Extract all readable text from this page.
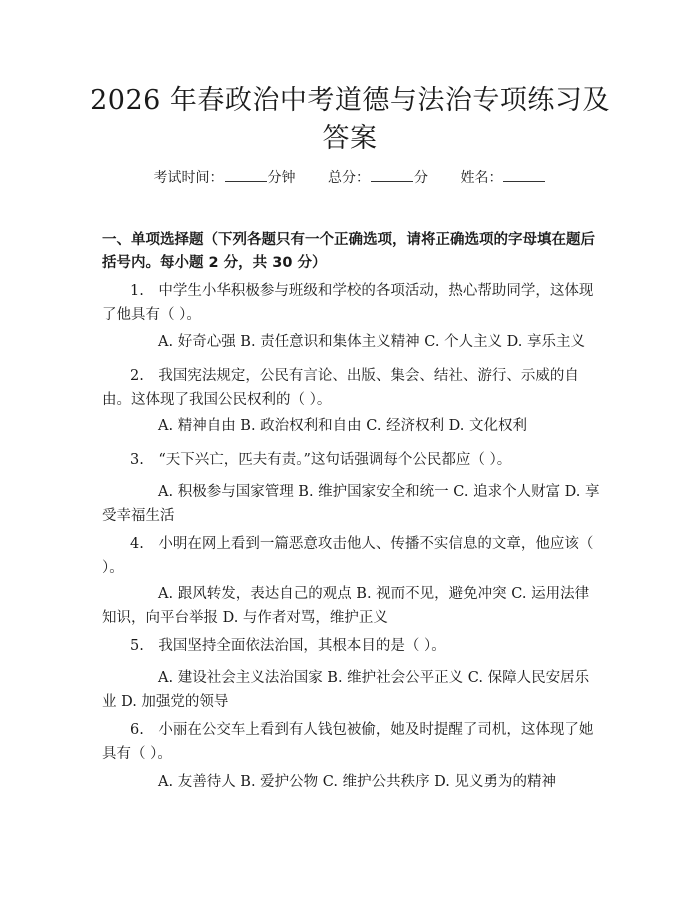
2026 年春政治中考道德与法治专项练习及答案
考试时间：	分钟 总分：	分 姓名：

一、单项选择题（下列各题只有一个正确选项，请将正确选项的字母填在题后括号内。每小题 2 分，共 30 分）

1.　中学生小华积极参与班级和学校的各项活动，热心帮助同学，这体现了他具有（ ）。

A. 好奇心强 B. 责任意识和集体主义精神 C. 个人主义 D. 享乐主义

2.　我国宪法规定，公民有言论、出版、集会、结社、游行、示威的自由。这体现了我国公民权利的（ ）。

A. 精神自由 B. 政治权利和自由 C. 经济权利 D. 文化权利

3.　“天下兴亡，匹夫有责。”这句话强调每个公民都应（ ）。

A. 积极参与国家管理 B. 维护国家安全和统一 C. 追求个人财富 D. 享受幸福生活

4.　小明在网上看到一篇恶意攻击他人、传播不实信息的文章，他应该（ ）。

A. 跟风转发，表达自己的观点 B. 视而不见，避免冲突 C. 运用法律知识，向平台举报 D. 与作者对骂，维护正义

5.　我国坚持全面依法治国，其根本目的是（ ）。

A. 建设社会主义法治国家 B. 维护社会公平正义 C. 保障人民安居乐业 D. 加强党的领导

6.　小丽在公交车上看到有人钱包被偷，她及时提醒了司机，这体现了她具有（ ）。

A. 友善待人 B. 爱护公物 C. 维护公共秩序 D. 见义勇为的精神
